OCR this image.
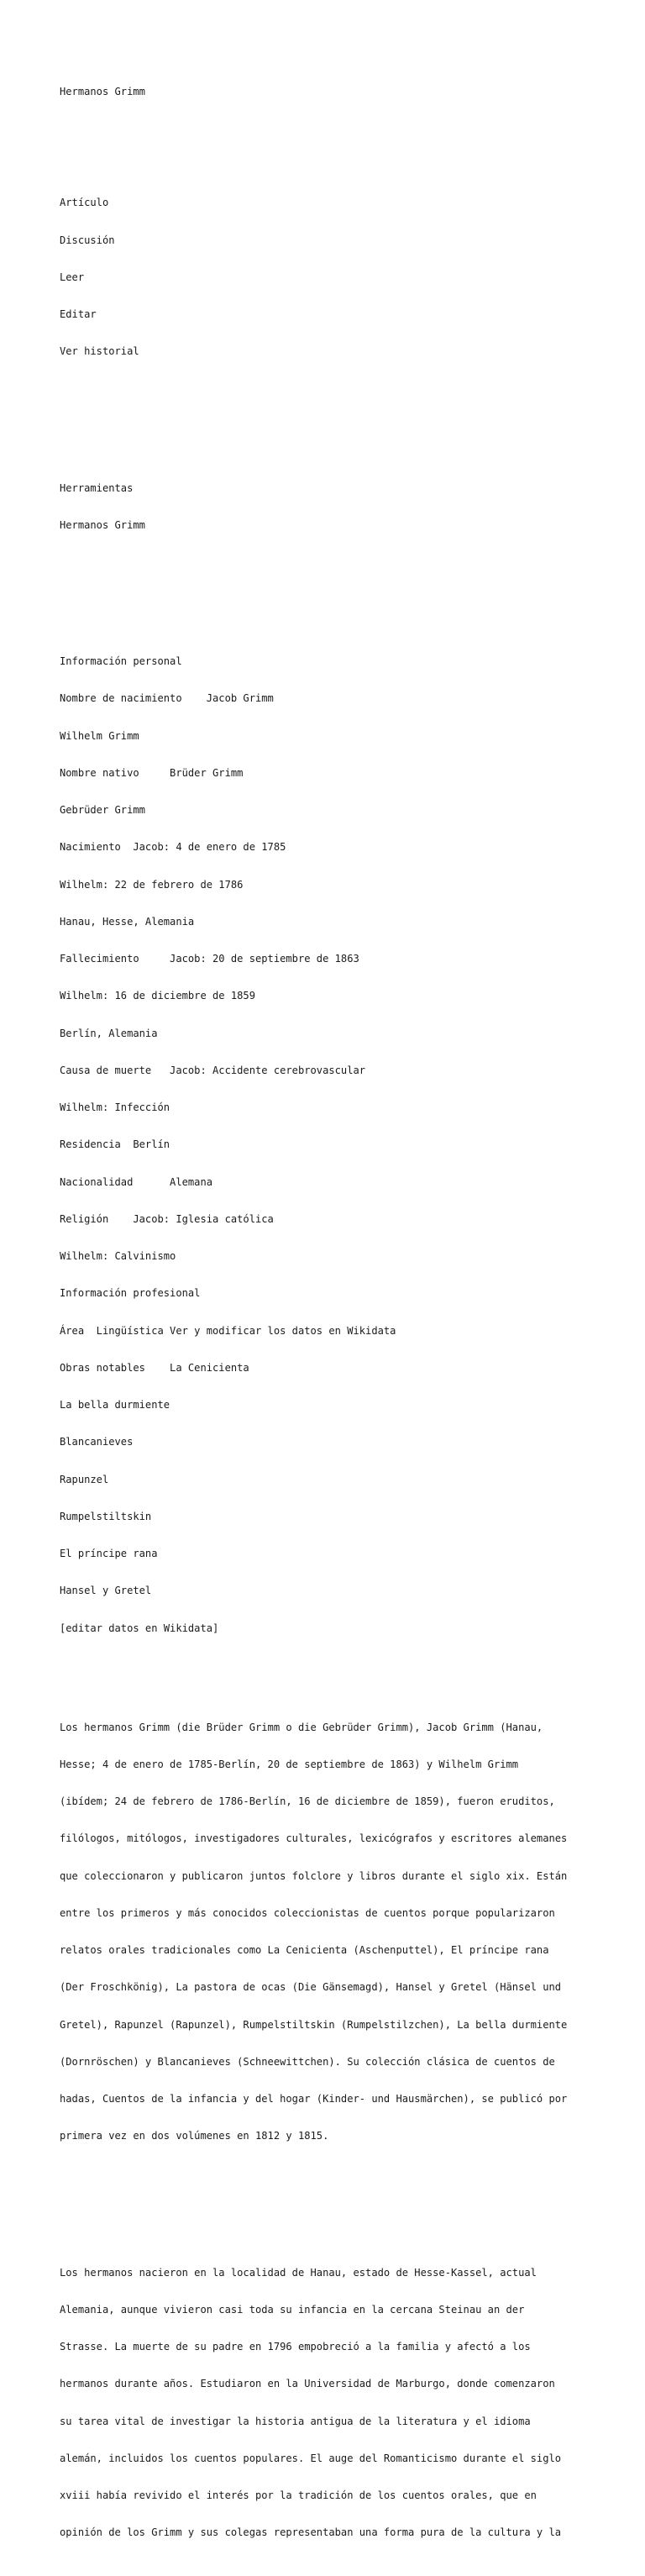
Hermanos Grimm

Artículo

Discusión

Leer

Editar

Ver historial

Herramientas

Hermanos Grimm

Información personal

Nombre de nacimiento    Jacob Grimm

Wilhelm Grimm

Nombre nativo     Brüder Grimm

Gebrüder Grimm

Nacimiento  Jacob: 4 de enero de 1785

Wilhelm: 22 de febrero de 1786

Hanau, Hesse, Alemania

Fallecimiento     Jacob: 20 de septiembre de 1863

Wilhelm: 16 de diciembre de 1859

Berlín, Alemania

Causa de muerte   Jacob: Accidente cerebrovascular

Wilhelm: Infección

Residencia  Berlín

Nacionalidad      Alemana

Religión    Jacob: Iglesia católica

Wilhelm: Calvinismo

Información profesional

Área  Lingüística Ver y modificar los datos en Wikidata

Obras notables    La Cenicienta

La bella durmiente

Blancanieves

Rapunzel

Rumpelstiltskin

El príncipe rana

Hansel y Gretel

[editar datos en Wikidata]

Los hermanos Grimm (die Brüder Grimm o die Gebrüder Grimm), Jacob Grimm (Hanau,

Hesse; 4 de enero de 1785-Berlín, 20 de septiembre de 1863) y Wilhelm Grimm

(ibídem; 24 de febrero de 1786-Berlín, 16 de diciembre de 1859), fueron eruditos,

filólogos, mitólogos, investigadores culturales, lexicógrafos y escritores alemanes

que coleccionaron y publicaron juntos folclore y libros durante el siglo xix. Están

entre los primeros y más conocidos coleccionistas de cuentos porque popularizaron

relatos orales tradicionales como La Cenicienta (Aschenputtel), El príncipe rana

(Der Froschkönig), La pastora de ocas (Die Gänsemagd), Hansel y Gretel (Hänsel und

Gretel), Rapunzel (Rapunzel), Rumpelstiltskin (Rumpelstilzchen), La bella durmiente

(Dornröschen) y Blancanieves (Schneewittchen). Su colección clásica de cuentos de

hadas, Cuentos de la infancia y del hogar (Kinder- und Hausmärchen), se publicó por

primera vez en dos volúmenes en 1812 y 1815.

Los hermanos nacieron en la localidad de Hanau, estado de Hesse-Kassel, actual

Alemania, aunque vivieron casi toda su infancia en la cercana Steinau an der

Strasse. La muerte de su padre en 1796 empobreció a la familia y afectó a los

hermanos durante años. Estudiaron en la Universidad de Marburgo, donde comenzaron

su tarea vital de investigar la historia antigua de la literatura y el idioma

alemán, incluidos los cuentos populares. El auge del Romanticismo durante el siglo

xviii había revivido el interés por la tradición de los cuentos orales, que en

opinión de los Grimm y sus colegas representaban una forma pura de la cultura y la
